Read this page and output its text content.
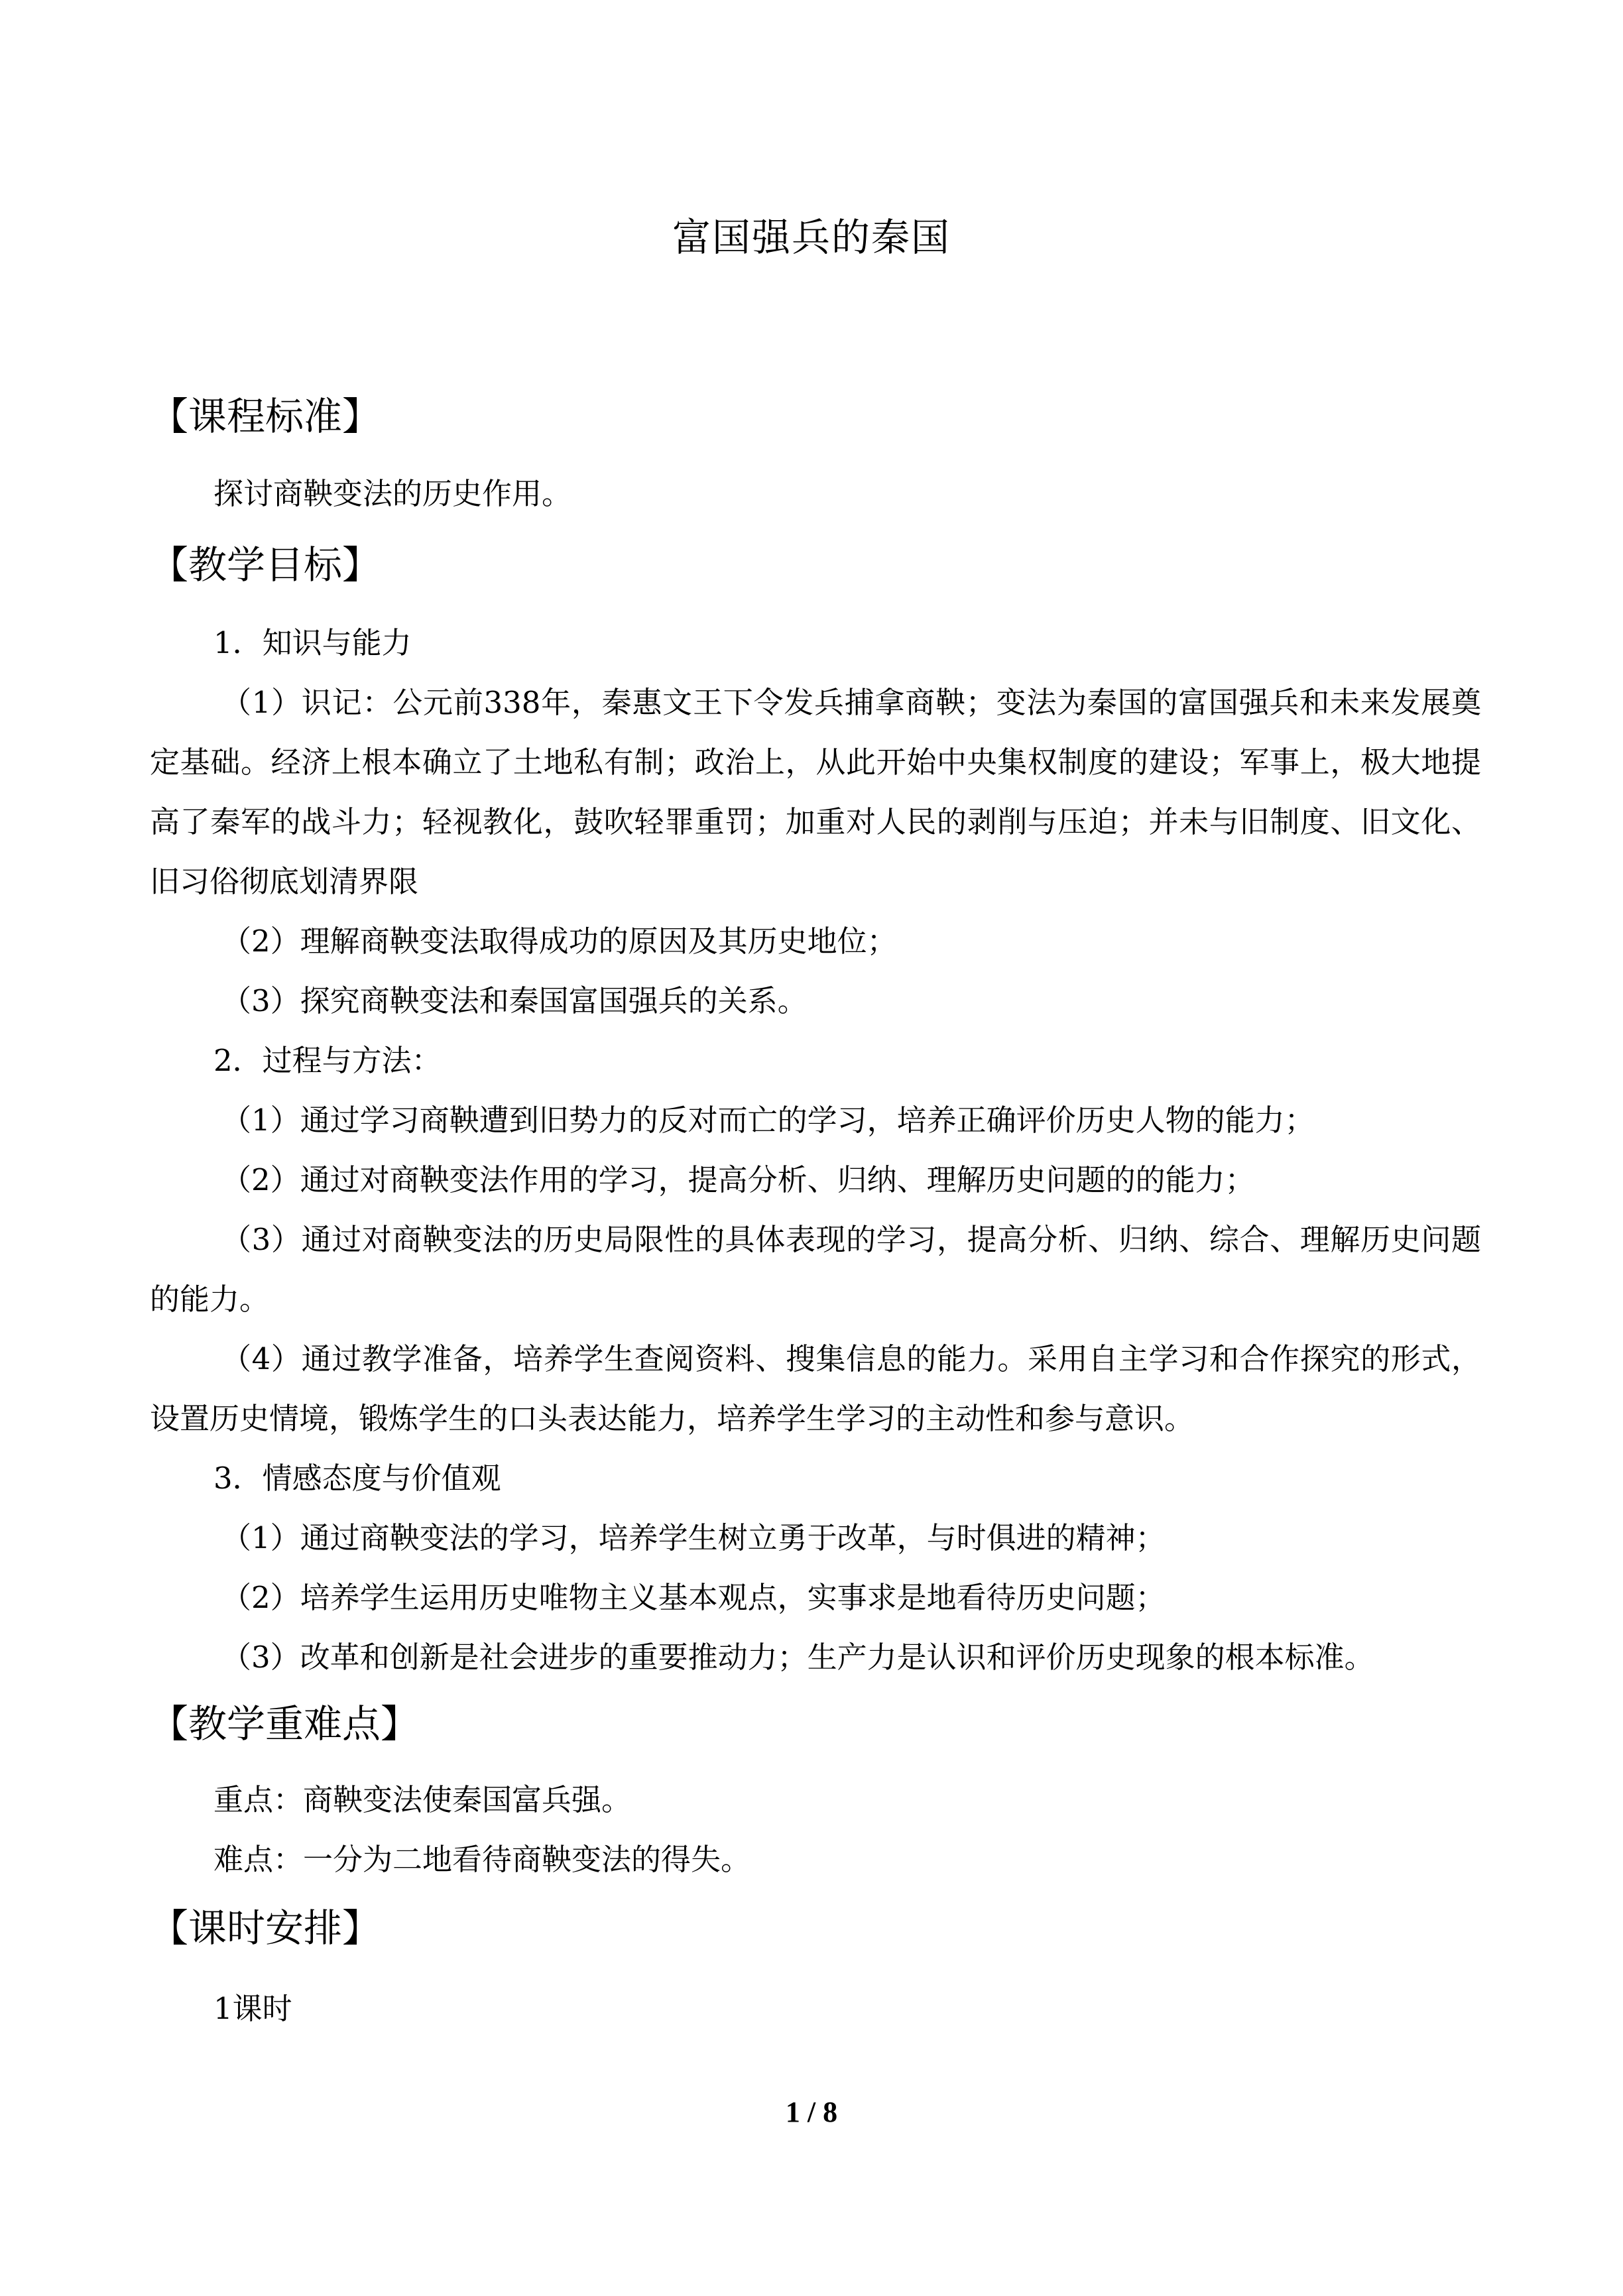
富国强兵的秦国
【课程标准】

探讨商鞅变法的历史作用。

【教学目标】

1．知识与能力

（1）识记：公元前338年，秦惠文王下令发兵捕拿商鞅；变法为秦国的富国强兵和未来发展奠定基础。经济上根本确立了土地私有制；政治上，从此开始中央集权制度的建设；军事上，极大地提高了秦军的战斗力；轻视教化，鼓吹轻罪重罚；加重对人民的剥削与压迫；并未与旧制度、旧文化、旧习俗彻底划清界限

（2）理解商鞅变法取得成功的原因及其历史地位；

（3）探究商鞅变法和秦国富国强兵的关系。

2．过程与方法：

（1）通过学习商鞅遭到旧势力的反对而亡的学习，培养正确评价历史人物的能力；

（2）通过对商鞅变法作用的学习，提高分析、归纳、理解历史问题的的能力；

（3）通过对商鞅变法的历史局限性的具体表现的学习，提高分析、归纳、综合、理解历史问题的能力。

（4）通过教学准备，培养学生查阅资料、搜集信息的能力。采用自主学习和合作探究的形式，设置历史情境，锻炼学生的口头表达能力，培养学生学习的主动性和参与意识。

3．情感态度与价值观

（1）通过商鞅变法的学习，培养学生树立勇于改革，与时俱进的精神；

（2）培养学生运用历史唯物主义基本观点，实事求是地看待历史问题；

（3）改革和创新是社会进步的重要推动力；生产力是认识和评价历史现象的根本标准。

【教学重难点】

重点：商鞅变法使秦国富兵强。

难点：一分为二地看待商鞅变法的得失。

【课时安排】

1课时

1 / 8
